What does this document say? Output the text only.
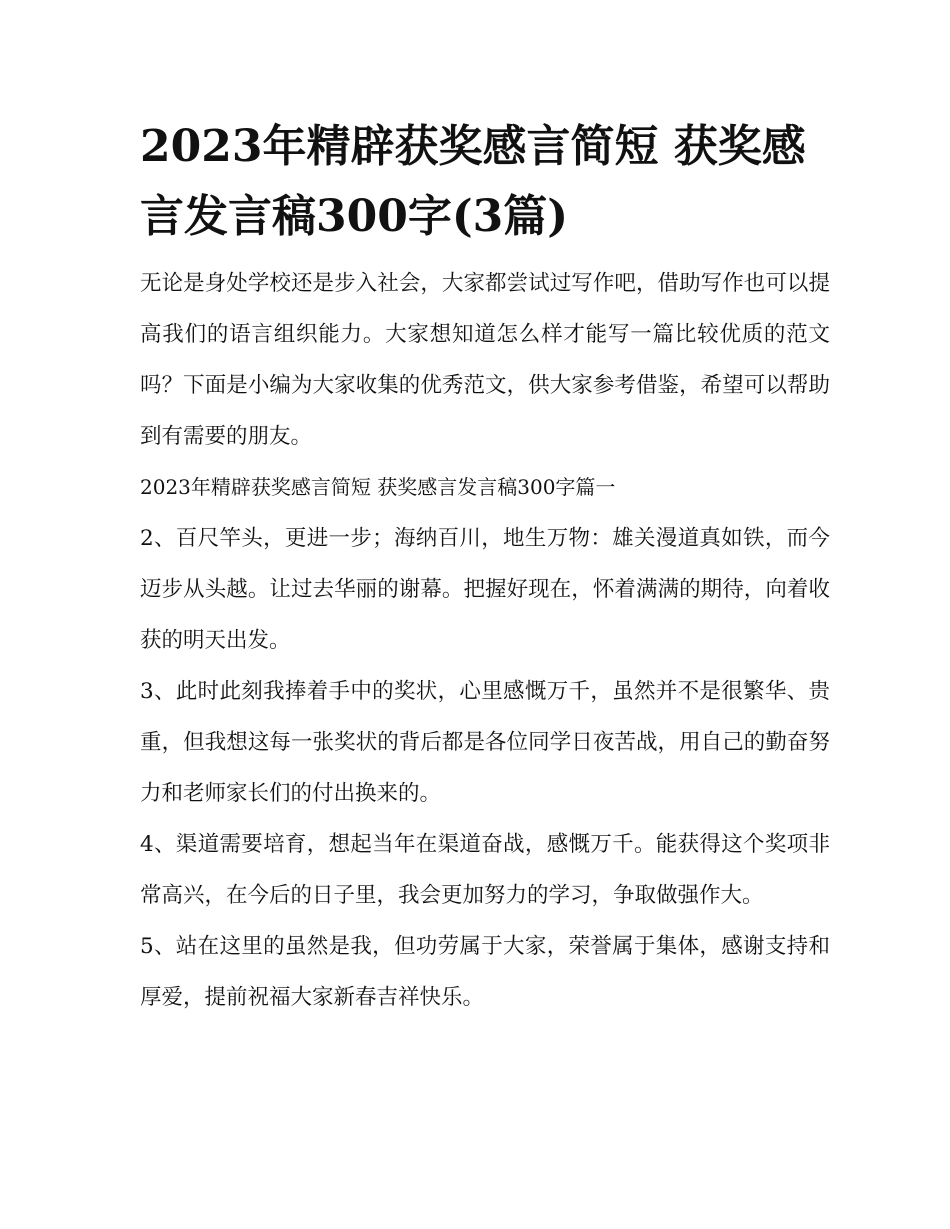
2023年精辟获奖感言简短 获奖感言发言稿300字(3篇)

无论是身处学校还是步入社会，大家都尝试过写作吧，借助写作也可以提高我们的语言组织能力。大家想知道怎么样才能写一篇比较优质的范文吗？下面是小编为大家收集的优秀范文，供大家参考借鉴，希望可以帮助到有需要的朋友。

2023年精辟获奖感言简短 获奖感言发言稿300字篇一

2、百尺竿头，更进一步；海纳百川，地生万物：雄关漫道真如铁，而今迈步从头越。让过去华丽的谢幕。把握好现在，怀着满满的期待，向着收获的明天出发。

3、此时此刻我捧着手中的奖状，心里感慨万千，虽然并不是很繁华、贵重，但我想这每一张奖状的背后都是各位同学日夜苦战，用自己的勤奋努力和老师家长们的付出换来的。

4、渠道需要培育，想起当年在渠道奋战，感慨万千。能获得这个奖项非常高兴，在今后的日子里，我会更加努力的学习，争取做强作大。

5、站在这里的虽然是我，但功劳属于大家，荣誉属于集体，感谢支持和厚爱，提前祝福大家新春吉祥快乐。
